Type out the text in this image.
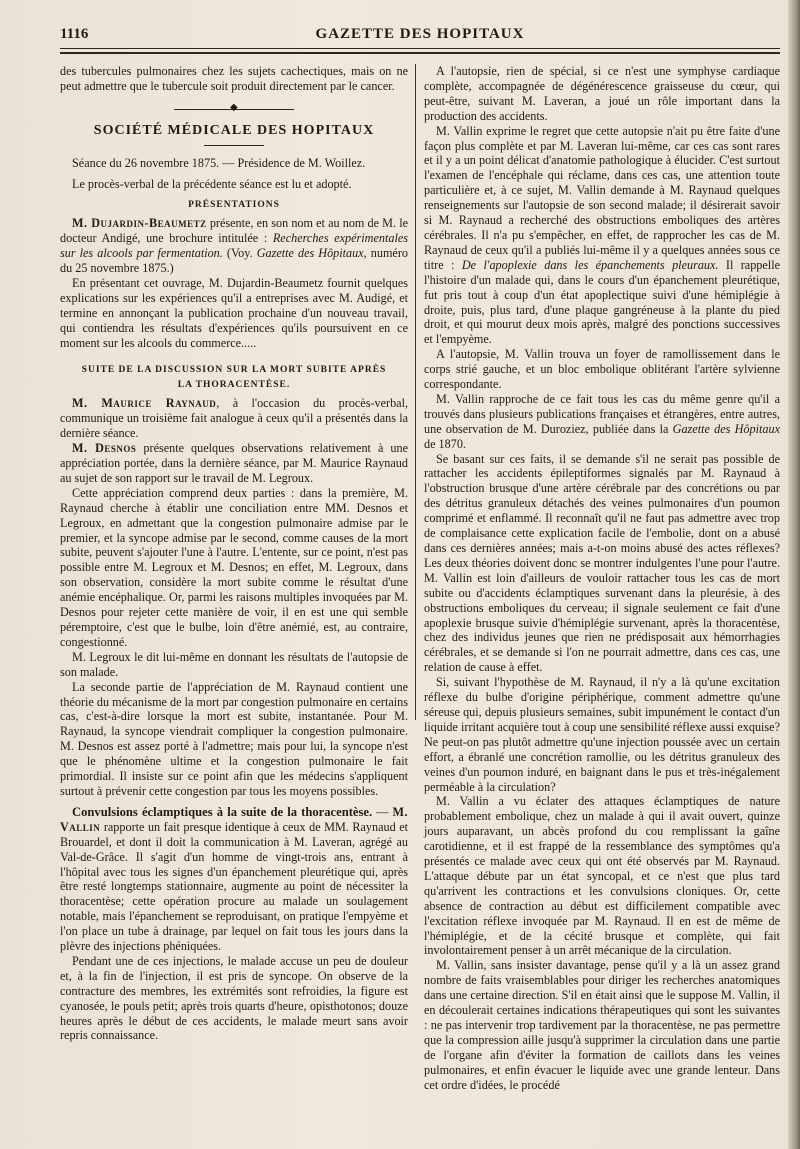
1116	GAZETTE DES HOPITAUX

des tubercules pulmonaires chez les sujets cachectiques, mais on ne peut admettre que le tubercule soit produit directement par le cancer.

◆
SOCIÉTÉ MÉDICALE DES HOPITAUX

Séance du 26 novembre 1875. — Présidence de M. Woillez.

Le procès-verbal de la précédente séance est lu et adopté.

PRÉSENTATIONS

M. Dujardin-Beaumetz présente, en son nom et au nom de M. le docteur Andigé, une brochure intitulée : Recherches expérimentales sur les alcools par fermentation. (Voy. Gazette des Hôpitaux, numéro du 25 novembre 1875.)

En présentant cet ouvrage, M. Dujardin-Beaumetz fournit quelques explications sur les expériences qu'il a entreprises avec M. Audigé, et termine en annonçant la publication prochaine d'un nouveau travail, qui contiendra les résultats d'expériences qu'ils poursuivent en ce moment sur les alcools du commerce.....

SUITE DE LA DISCUSSION SUR LA MORT SUBITE APRÈS
LA THORACENTÈSE.

M. Maurice Raynaud, à l'occasion du procès-verbal, communique un troisième fait analogue à ceux qu'il a présentés dans la dernière séance.

M. Desnos présente quelques observations relativement à une appréciation portée, dans la dernière séance, par M. Maurice Raynaud au sujet de son rapport sur le travail de M. Legroux.

Cette appréciation comprend deux parties : dans la première, M. Raynaud cherche à établir une conciliation entre MM. Desnos et Legroux, en admettant que la congestion pulmonaire admise par le premier, et la syncope admise par le second, comme causes de la mort subite, peuvent s'ajouter l'une à l'autre. L'entente, sur ce point, n'est pas possible entre M. Legroux et M. Desnos; en effet, M. Legroux, dans son observation, considère la mort subite comme le résultat d'une anémie encéphalique. Or, parmi les raisons multiples invoquées par M. Desnos pour rejeter cette manière de voir, il en est une qui semble péremptoire, c'est que le bulbe, loin d'être anémié, est, au contraire, congestionné.

M. Legroux le dit lui-même en donnant les résultats de l'autopsie de son malade.

La seconde partie de l'appréciation de M. Raynaud contient une théorie du mécanisme de la mort par congestion pulmonaire en certains cas, c'est-à-dire lorsque la mort est subite, instantanée. Pour M. Raynaud, la syncope viendrait compliquer la congestion pulmonaire. M. Desnos est assez porté à l'admettre; mais pour lui, la syncope n'est que le phénomène ultime et la congestion pulmonaire le fait primordial. Il insiste sur ce point afin que les médecins s'appliquent surtout à prévenir cette congestion par tous les moyens possibles.

Convulsions éclamptiques à la suite de la thoracentèse. — M. Vallin rapporte un fait presque identique à ceux de MM. Raynaud et Brouardel, et dont il doit la communication à M. Laveran, agrégé au Val-de-Grâce. Il s'agit d'un homme de vingt-trois ans, entrant à l'hôpital avec tous les signes d'un épanchement pleurétique qui, après être resté longtemps stationnaire, augmente au point de nécessiter la thoracentèse; cette opération procure au malade un soulagement notable, mais l'épanchement se reproduisant, on pratique l'empyème et l'on place un tube à drainage, par lequel on fait tous les jours dans la plèvre des injections phéniquées.

Pendant une de ces injections, le malade accuse un peu de douleur et, à la fin de l'injection, il est pris de syncope. On observe de la contracture des membres, les extrémités sont refroidies, la figure est cyanosée, le pouls petit; après trois quarts d'heure, opisthotonos; douze heures après le début de ces accidents, le malade meurt sans avoir repris connaissance.

A l'autopsie, rien de spécial, si ce n'est une symphyse cardiaque complète, accompagnée de dégénérescence graisseuse du cœur, qui peut-être, suivant M. Laveran, a joué un rôle important dans la production des accidents.

M. Vallin exprime le regret que cette autopsie n'ait pu être faite d'une façon plus complète et par M. Laveran lui-même, car ces cas sont rares et il y a un point délicat d'anatomie pathologique à élucider. C'est surtout l'examen de l'encéphale qui réclame, dans ces cas, une attention toute particulière et, à ce sujet, M. Vallin demande à M. Raynaud quelques renseignements sur l'autopsie de son second malade; il désirerait savoir si M. Raynaud a recherché des obstructions emboliques des artères cérébrales. Il n'a pu s'empêcher, en effet, de rapprocher les cas de M. Raynaud de ceux qu'il a publiés lui-même il y a quelques années sous ce titre : De l'apoplexie dans les épanchements pleuraux. Il rappelle l'histoire d'un malade qui, dans le cours d'un épanchement pleurétique, fut pris tout à coup d'un état apoplectique suivi d'une hémiplégie à droite, puis, plus tard, d'une plaque gangréneuse à la plante du pied droit, et qui mourut deux mois après, malgré des ponctions successives et l'empyème.

A l'autopsie, M. Vallin trouva un foyer de ramollissement dans le corps strié gauche, et un bloc embolique oblitérant l'artère sylvienne correspondante.

M. Vallin rapproche de ce fait tous les cas du même genre qu'il a trouvés dans plusieurs publications françaises et étrangères, entre autres, une observation de M. Duroziez, publiée dans la Gazette des Hôpitaux de 1870.

Se basant sur ces faits, il se demande s'il ne serait pas possible de rattacher les accidents épileptiformes signalés par M. Raynaud à l'obstruction brusque d'une artère cérébrale par des concrétions ou par des détritus granuleux détachés des veines pulmonaires d'un poumon comprimé et enflammé. Il reconnaît qu'il ne faut pas admettre avec trop de complaisance cette explication facile de l'embolie, dont on a abusé dans ces dernières années; mais a-t-on moins abusé des actes réflexes? Les deux théories doivent donc se montrer indulgentes l'une pour l'autre. M. Vallin est loin d'ailleurs de vouloir rattacher tous les cas de mort subite ou d'accidents éclamptiques survenant dans la pleurésie, à des obstructions emboliques du cerveau; il signale seulement ce fait d'une apoplexie brusque suivie d'hémiplégie survenant, après la thoracentèse, chez des individus jeunes que rien ne prédisposait aux hémorrhagies cérébrales, et se demande si l'on ne pourrait admettre, dans ces cas, une relation de cause à effet.

Si, suivant l'hypothèse de M. Raynaud, il n'y a là qu'une excitation réflexe du bulbe d'origine périphérique, comment admettre qu'une séreuse qui, depuis plusieurs semaines, subit impunément le contact d'un liquide irritant acquière tout à coup une sensibilité réflexe aussi exquise? Ne peut-on pas plutôt admettre qu'une injection poussée avec un certain effort, a ébranlé une concrétion ramollie, ou les détritus granuleux des veines d'un poumon induré, en baignant dans le pus et très-inégalement perméable à la circulation?

M. Vallin a vu éclater des attaques éclamptiques de nature probablement embolique, chez un malade à qui il avait ouvert, quinze jours auparavant, un abcès profond du cou remplissant la gaîne carotidienne, et il est frappé de la ressemblance des symptômes qu'a présentés ce malade avec ceux qui ont été observés par M. Raynaud. L'attaque débute par un état syncopal, et ce n'est que plus tard qu'arrivent les contractions et les convulsions cloniques. Or, cette absence de contraction au début est difficilement compatible avec l'excitation réflexe invoquée par M. Raynaud. Il en est de même de l'hémiplégie, et de la cécité brusque et complète, qui fait involontairement penser à un arrêt mécanique de la circulation.

M. Vallin, sans insister davantage, pense qu'il y a là un assez grand nombre de faits vraisemblables pour diriger les recherches anatomiques dans une certaine direction. S'il en était ainsi que le suppose M. Vallin, il en découlerait certaines indications thérapeutiques qui sont les suivantes : ne pas intervenir trop tardivement par la thoracentèse, ne pas permettre que la compression aille jusqu'à supprimer la circulation dans une partie de l'organe afin d'éviter la formation de caillots dans les veines pulmonaires, et enfin évacuer le liquide avec une grande lenteur. Dans cet ordre d'idées, le procédé
